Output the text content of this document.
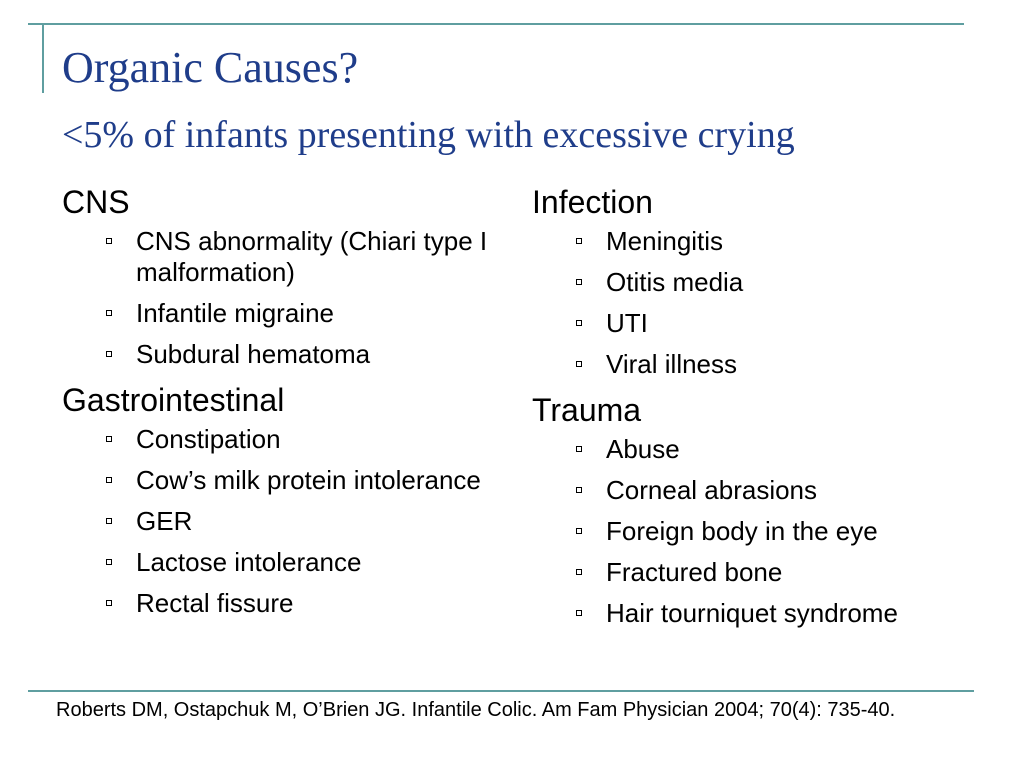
Organic Causes?
<5% of infants presenting with excessive crying
CNS
CNS abnormality (Chiari type I malformation)
Infantile migraine
Subdural hematoma
Gastrointestinal
Constipation
Cow’s milk protein intolerance
GER
Lactose intolerance
Rectal fissure
Infection
Meningitis
Otitis media
UTI
Viral illness
Trauma
Abuse
Corneal abrasions
Foreign body in the eye
Fractured bone
Hair tourniquet syndrome

Roberts DM, Ostapchuk M, O’Brien JG. Infantile Colic. Am Fam Physician 2004; 70(4): 735-40.
